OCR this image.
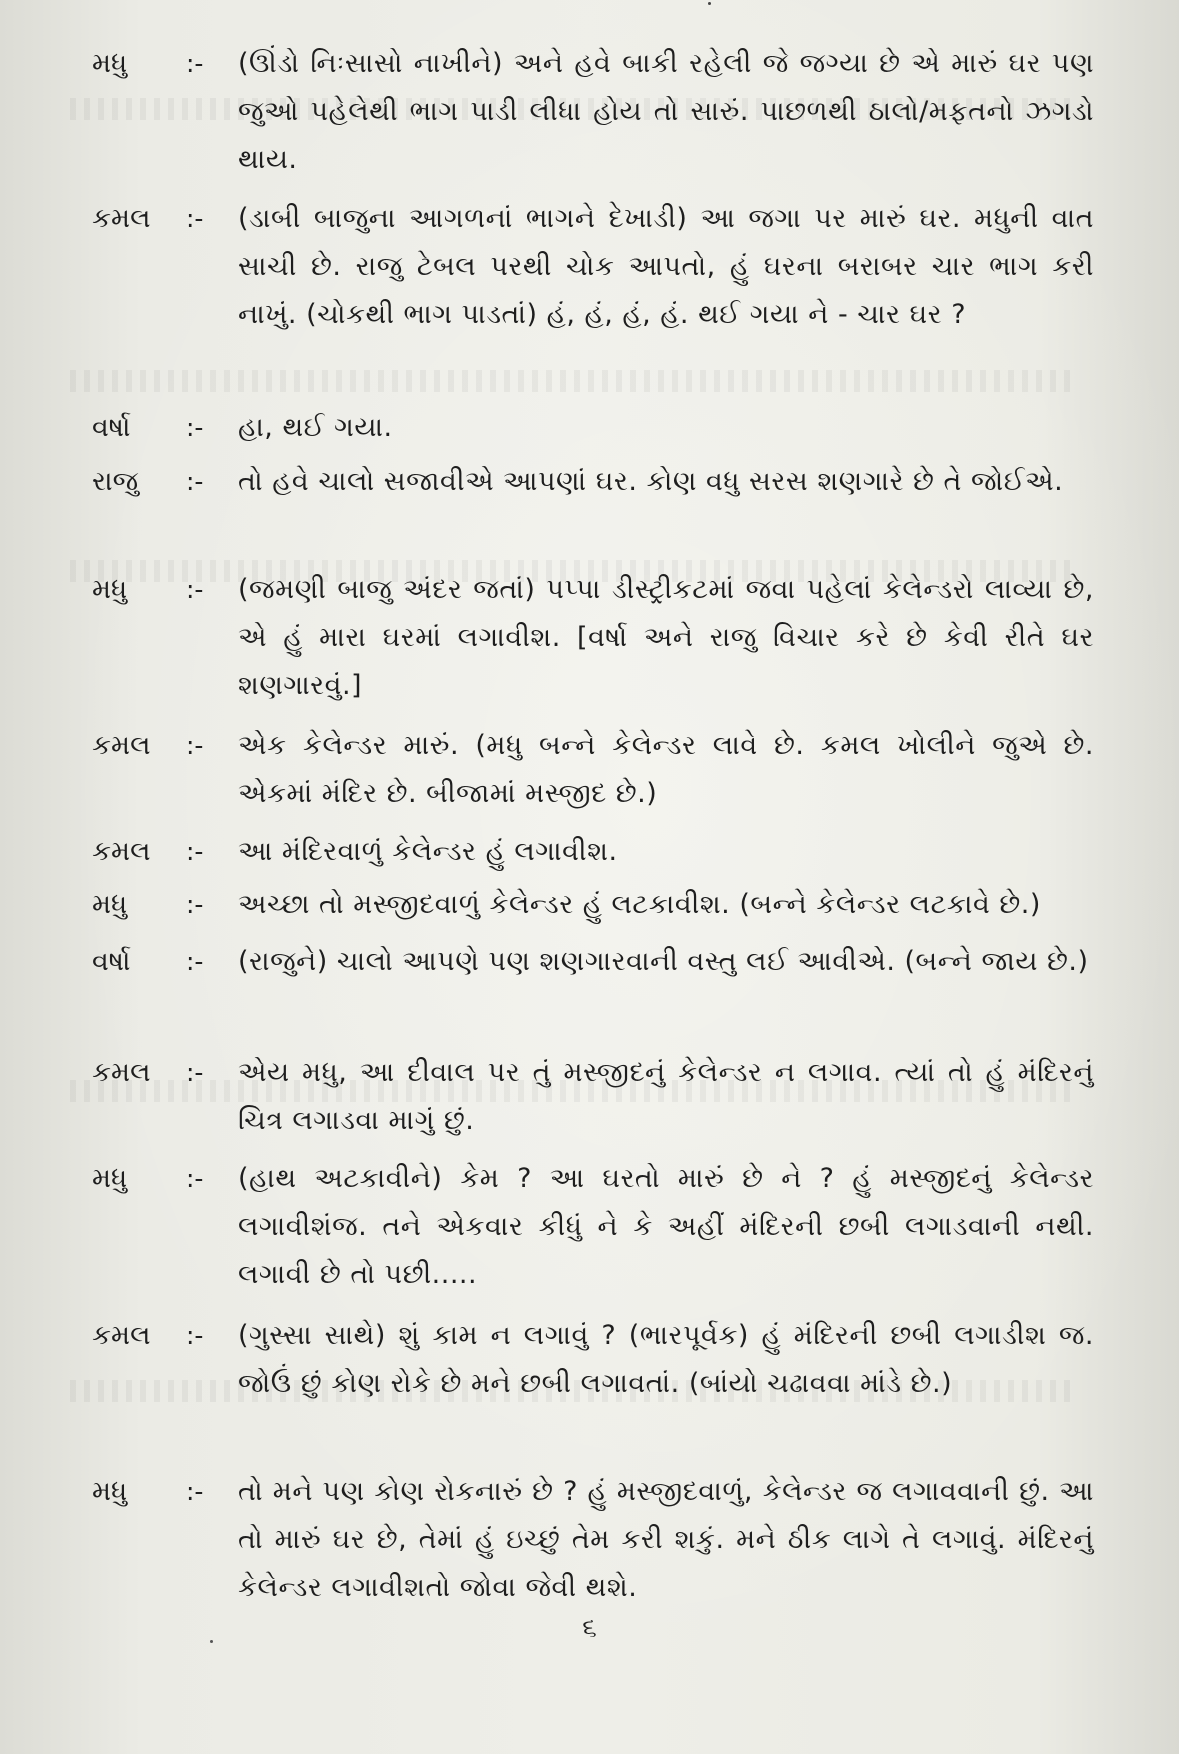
મધુ	:- (ઊંડો નિઃસાસો નાખીને) અને હવે બાકી રહેલી જે જગ્યા છે એ મારું ઘર પણ જુઓ પહેલેથી ભાગ પાડી લીધા હોય તો સારું. પાછળથી ઠાલો/મફતનો ઝગડો થાય.
કમલ	:- (ડાબી બાજુના આગળનાં ભાગને દેખાડી) આ જગા પર મારું ઘર. મધુની વાત સાચી છે. રાજુ ટેબલ પરથી ચોક આપતો, હું ઘરના બરાબર ચાર ભાગ કરી નાખું. (ચોકથી ભાગ પાડતાં) હં, હં, હં, હં. થઈ ગયા ને - ચાર ઘર ?
વર્ષા	:- હા, થઈ ગયા.
રાજુ	:- તો હવે ચાલો સજાવીએ આપણાં ઘર. કોણ વધુ સરસ શણગારે છે તે જોઈએ.
મધુ	:- (જમણી બાજુ અંદર જતાં) પપ્પા ડીસ્ટ્રીકટમાં જવા પહેલાં કેલેન્ડરો લાવ્યા છે, એ હું મારા ઘરમાં લગાવીશ. [વર્ષા અને રાજુ વિચાર કરે છે કેવી રીતે ઘર શણગારવું.]
કમલ	:- એક કેલેન્ડર મારું. (મધુ બન્ને કેલેન્ડર લાવે છે. કમલ ખોલીને જુએ છે. એકમાં મંદિર છે. બીજામાં મસ્જીદ છે.)
કમલ	:- આ મંદિરવાળું કેલેન્ડર હું લગાવીશ.
મધુ	:- અચ્છા તો મસ્જીદવાળું કેલેન્ડર હું લટકાવીશ. (બન્ને કેલેન્ડર લટકાવે છે.)
વર્ષા	:- (રાજુને) ચાલો આપણે પણ શણગારવાની વસ્તુ લઈ આવીએ. (બન્ને જાય છે.)
કમલ	:- એય મધુ, આ દીવાલ પર તું મસ્જીદનું કેલેન્ડર ન લગાવ. ત્યાં તો હું મંદિરનું ચિત્ર લગાડવા માગું છું.
મધુ	:- (હાથ અટકાવીને) કેમ ? આ ઘરતો મારું છે ને ? હું મસ્જીદનું કેલેન્ડર લગાવીશંજ. તને એકવાર કીધું ને કે અહીં મંદિરની છબી લગાડવાની નથી. લગાવી છે તો પછી.....
કમલ	:- (ગુસ્સા સાથે) શું કામ ન લગાવું ? (ભારપૂર્વક) હું મંદિરની છબી લગાડીશ જ. જોઉં છું કોણ રોકે છે મને છબી લગાવતાં. (બાંયો ચઢાવવા માંડે છે.)
મધુ	:- તો મને પણ કોણ રોકનારું છે ? હું મસ્જીદવાળું, કેલેન્ડર જ લગાવવાની છું. આ તો મારું ઘર છે, તેમાં હું ઇચ્છું તેમ કરી શકું. મને ઠીક લાગે તે લગાવું. મંદિરનું કેલેન્ડર લગાવીશતો જોવા જેવી થશે.
૬
